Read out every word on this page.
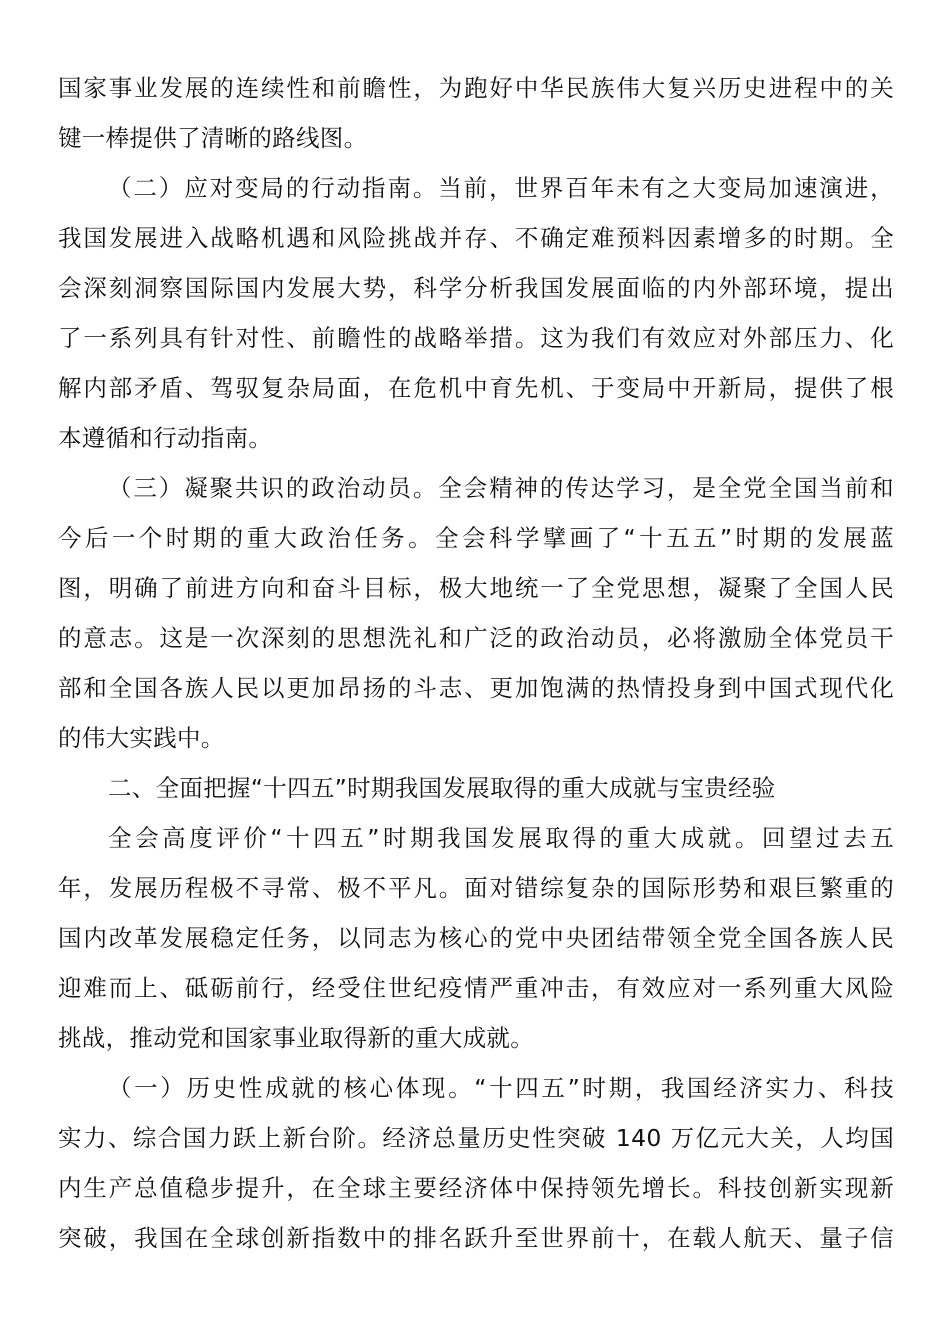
国家事业发展的连续性和前瞻性，为跑好中华民族伟大复兴历史进程中的关
键一棒提供了清晰的路线图。
（二）应对变局的行动指南。当前，世界百年未有之大变局加速演进，
我国发展进入战略机遇和风险挑战并存、不确定难预料因素增多的时期。全
会深刻洞察国际国内发展大势，科学分析我国发展面临的内外部环境，提出
了一系列具有针对性、前瞻性的战略举措。这为我们有效应对外部压力、化
解内部矛盾、驾驭复杂局面，在危机中育先机、于变局中开新局，提供了根
本遵循和行动指南。
（三）凝聚共识的政治动员。全会精神的传达学习，是全党全国当前和
今后一个时期的重大政治任务。全会科学擘画了“十五五”时期的发展蓝
图，明确了前进方向和奋斗目标，极大地统一了全党思想，凝聚了全国人民
的意志。这是一次深刻的思想洗礼和广泛的政治动员，必将激励全体党员干
部和全国各族人民以更加昂扬的斗志、更加饱满的热情投身到中国式现代化
的伟大实践中。
二、全面把握“十四五”时期我国发展取得的重大成就与宝贵经验
全会高度评价“十四五”时期我国发展取得的重大成就。回望过去五
年，发展历程极不寻常、极不平凡。面对错综复杂的国际形势和艰巨繁重的
国内改革发展稳定任务，以同志为核心的党中央团结带领全党全国各族人民
迎难而上、砥砺前行，经受住世纪疫情严重冲击，有效应对一系列重大风险
挑战，推动党和国家事业取得新的重大成就。
（一）历史性成就的核心体现。“十四五”时期，我国经济实力、科技
实力、综合国力跃上新台阶。经济总量历史性突破 140 万亿元大关，人均国
内生产总值稳步提升，在全球主要经济体中保持领先增长。科技创新实现新
突破，我国在全球创新指数中的排名跃升至世界前十，在载人航天、量子信
